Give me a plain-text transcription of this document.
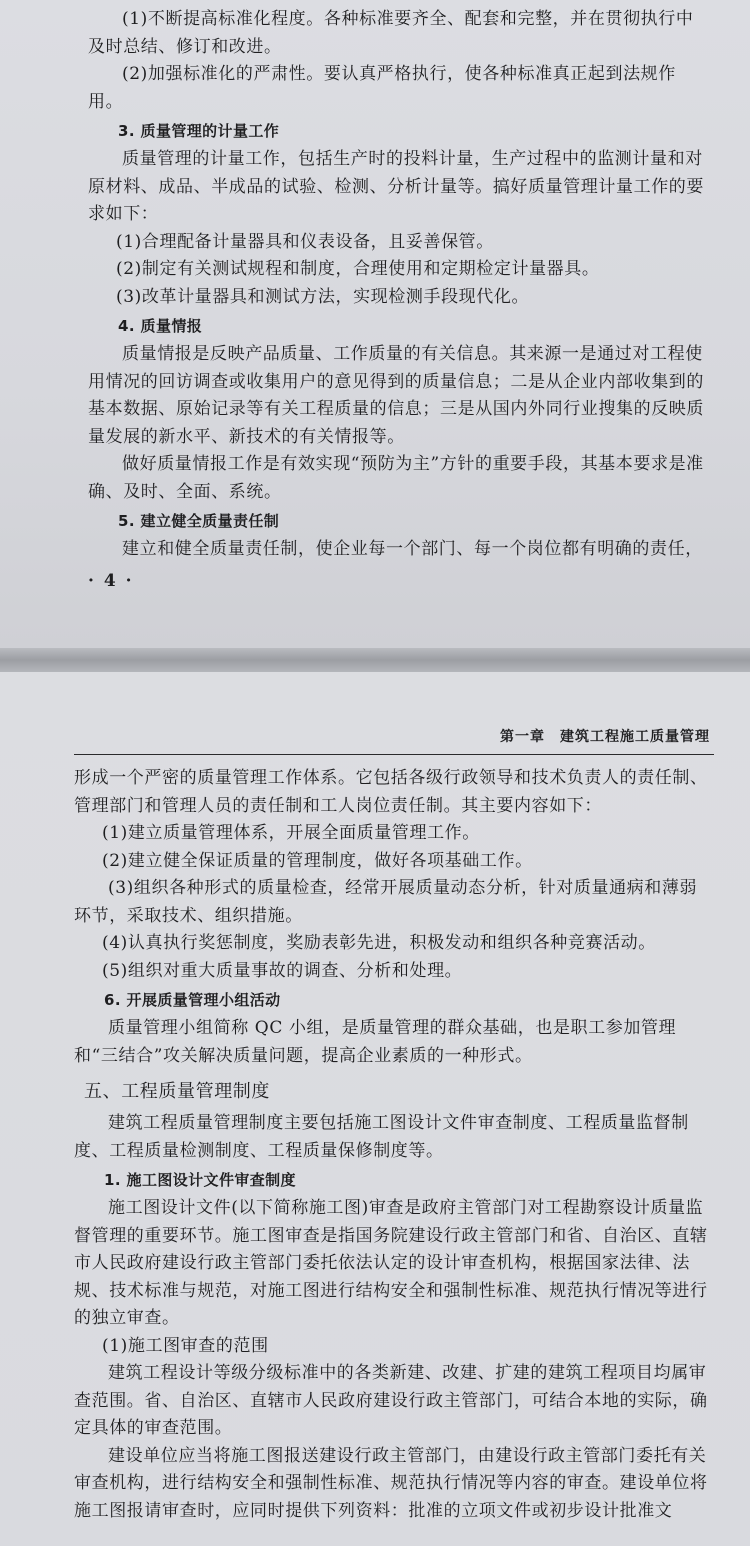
(1)不断提高标准化程度。各种标准要齐全、配套和完整，并在贯彻执行中及时总结、修订和改进。

(2)加强标准化的严肃性。要认真严格执行，使各种标准真正起到法规作用。

3. 质量管理的计量工作

质量管理的计量工作，包括生产时的投料计量，生产过程中的监测计量和对原材料、成品、半成品的试验、检测、分析计量等。搞好质量管理计量工作的要求如下：

(1)合理配备计量器具和仪表设备，且妥善保管。

(2)制定有关测试规程和制度，合理使用和定期检定计量器具。

(3)改革计量器具和测试方法，实现检测手段现代化。

4. 质量情报

质量情报是反映产品质量、工作质量的有关信息。其来源一是通过对工程使用情况的回访调查或收集用户的意见得到的质量信息；二是从企业内部收集到的基本数据、原始记录等有关工程质量的信息；三是从国内外同行业搜集的反映质量发展的新水平、新技术的有关情报等。

做好质量情报工作是有效实现“预防为主”方针的重要手段，其基本要求是准确、及时、全面、系统。

5. 建立健全质量责任制

建立和健全质量责任制，使企业每一个部门、每一个岗位都有明确的责任，

· 4 ·

第一章　建筑工程施工质量管理

形成一个严密的质量管理工作体系。它包括各级行政领导和技术负责人的责任制、管理部门和管理人员的责任制和工人岗位责任制。其主要内容如下：

(1)建立质量管理体系，开展全面质量管理工作。

(2)建立健全保证质量的管理制度，做好各项基础工作。

(3)组织各种形式的质量检查，经常开展质量动态分析，针对质量通病和薄弱环节，采取技术、组织措施。

(4)认真执行奖惩制度，奖励表彰先进，积极发动和组织各种竞赛活动。

(5)组织对重大质量事故的调查、分析和处理。

6. 开展质量管理小组活动

质量管理小组简称 QC 小组，是质量管理的群众基础，也是职工参加管理和“三结合”攻关解决质量问题，提高企业素质的一种形式。

五、工程质量管理制度

建筑工程质量管理制度主要包括施工图设计文件审查制度、工程质量监督制度、工程质量检测制度、工程质量保修制度等。

1. 施工图设计文件审查制度

施工图设计文件(以下简称施工图)审查是政府主管部门对工程勘察设计质量监督管理的重要环节。施工图审查是指国务院建设行政主管部门和省、自治区、直辖市人民政府建设行政主管部门委托依法认定的设计审查机构，根据国家法律、法规、技术标准与规范，对施工图进行结构安全和强制性标准、规范执行情况等进行的独立审查。

(1)施工图审查的范围

建筑工程设计等级分级标准中的各类新建、改建、扩建的建筑工程项目均属审查范围。省、自治区、直辖市人民政府建设行政主管部门，可结合本地的实际，确定具体的审查范围。

建设单位应当将施工图报送建设行政主管部门，由建设行政主管部门委托有关审查机构，进行结构安全和强制性标准、规范执行情况等内容的审查。建设单位将施工图报请审查时，应同时提供下列资料：批准的立项文件或初步设计批准文
